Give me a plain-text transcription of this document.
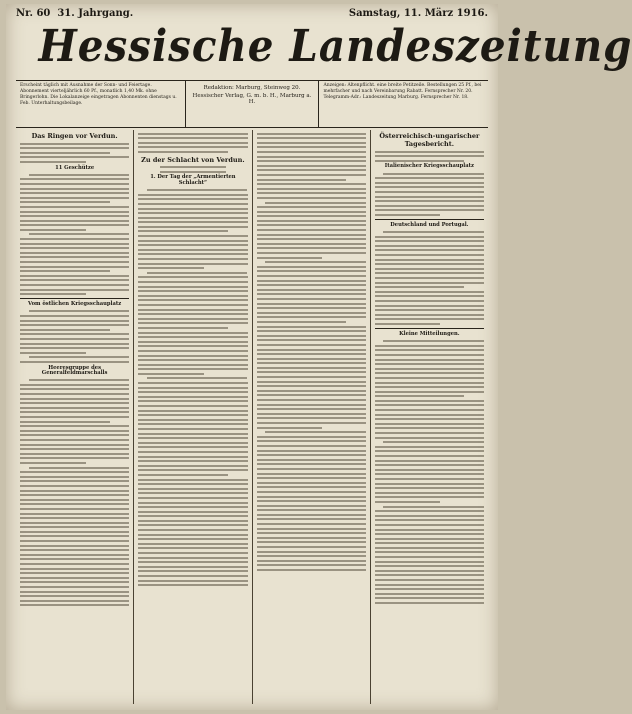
Nr. 60 31. Jahrgang.	Samstag, 11. März 1916.
Hessische Landeszeitung
Erscheint täglich mit Ausnahme der Sonn- und Feiertage. Abonnement vierteljährlich 60 Pf., monatlich 1,40 Mk. ohne Bringerlohn. Die Lokalanzeige eingetragen Abonnenten dienstags u. Feb. Unterhaltungsbeilage.
Redaktion: Marburg, Steinweg 20.
Hessischer Verlag, G. m. b. H., Marburg a. H.
Anzeigen: Altenpflicht. eine breite Petitzeile. Bestellungen 25 Pf., bei mehrfacher und nach Vereinbarung Rabatt. Fernsprecher Nr. 20. Telegramm-Adr.: Landeszeitung Marburg. Fernsprecher Nr. 18.
Das Ringen vor Verdun.
11 Geschütze
Vom östlichen Kriegsschauplatz
Heeresgruppe des Generalfeldmarschalls
Zu der Schlacht von Verdun.
1. Der Tag der „Armentierten Schlacht“
Österreichisch-ungarischer Tagesbericht.
Italienischer Kriegsschauplatz
Deutschland und Portugal.
Kleine Mitteilungen.
